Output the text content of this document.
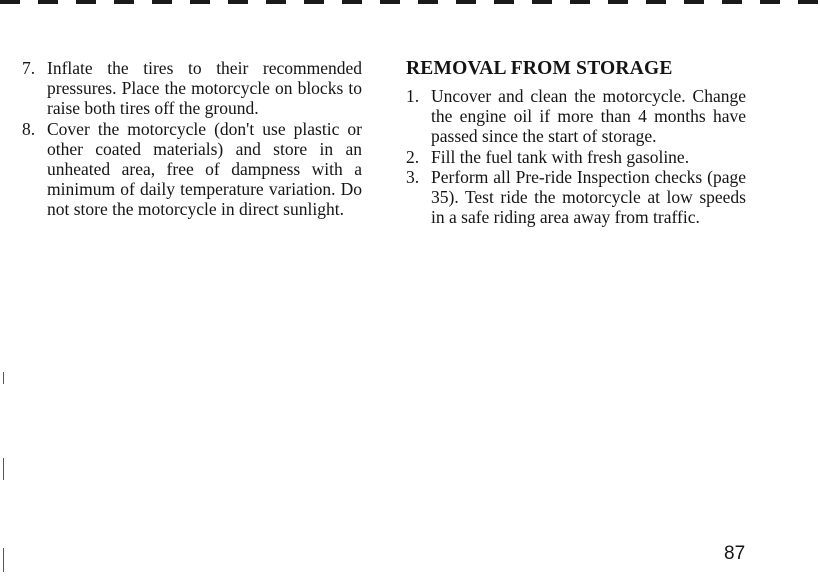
7. Inflate the tires to their recommended pressures. Place the motorcycle on blocks to raise both tires off the ground.
8. Cover the motorcycle (don't use plastic or other coated materials) and store in an unheated area, free of dampness with a minimum of daily temperature variation. Do not store the motorcycle in direct sunlight.
REMOVAL FROM STORAGE
1. Uncover and clean the motorcycle. Change the engine oil if more than 4 months have passed since the start of storage.
2. Fill the fuel tank with fresh gasoline.
3. Perform all Pre-ride Inspection checks (page 35). Test ride the motorcycle at low speeds in a safe riding area away from traffic.
87
